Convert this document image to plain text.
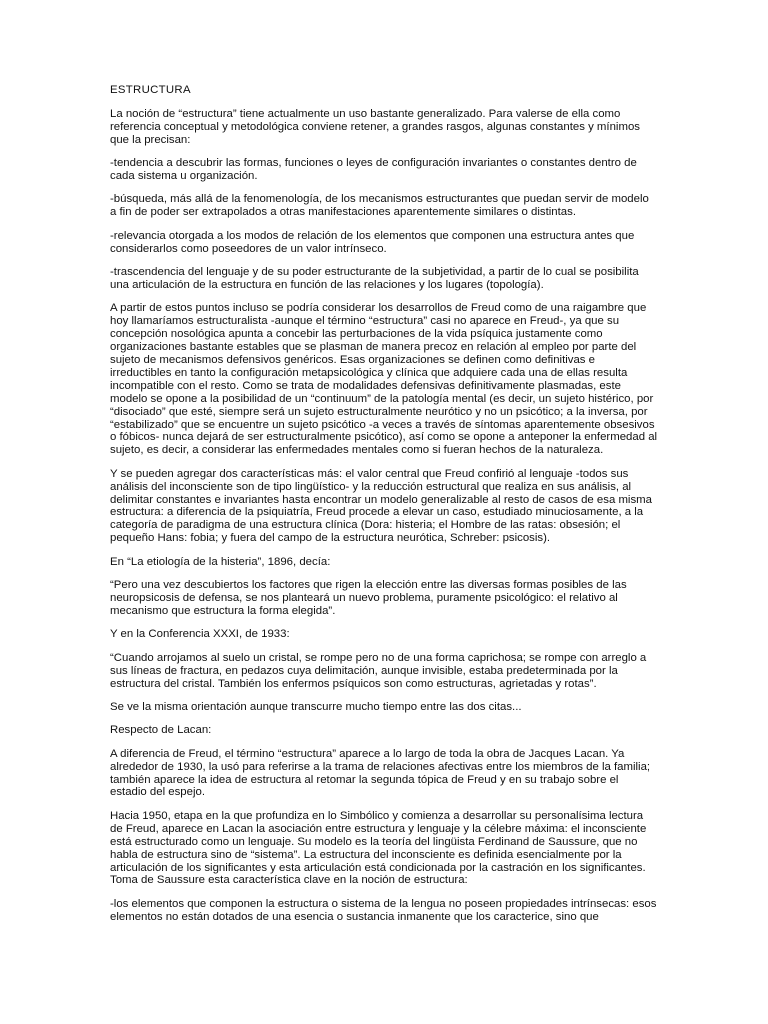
ESTRUCTURA

La noción de “estructura” tiene actualmente un uso bastante generalizado. Para valerse de ella como referencia conceptual y metodológica conviene retener, a grandes rasgos, algunas constantes y mínimos que la precisan:

-tendencia a descubrir las formas, funciones o leyes de configuración invariantes o constantes dentro de cada sistema u organización.

-búsqueda, más allá de la fenomenología, de los mecanismos estructurantes que puedan servir de modelo a fin de poder ser extrapolados a otras manifestaciones aparentemente similares o distintas.

-relevancia otorgada a los modos de relación de los elementos que componen una estructura antes que considerarlos como poseedores de un valor intrínseco.

-trascendencia del lenguaje y de su poder estructurante de la subjetividad, a partir de lo cual se posibilita una articulación de la estructura en función de las relaciones y los lugares (topología).

A partir de estos puntos incluso se podría considerar los desarrollos de Freud como de una raigambre que hoy llamaríamos estructuralista -aunque el término “estructura” casi no aparece en Freud-, ya que su concepción nosológica apunta a concebir las perturbaciones de la vida psíquica justamente como organizaciones bastante estables que se plasman de manera precoz en relación al empleo por parte del sujeto de mecanismos defensivos genéricos. Esas organizaciones se definen como definitivas e irreductibles en tanto la configuración metapsicológica y clínica que adquiere cada una de ellas resulta incompatible con el resto. Como se trata de modalidades defensivas definitivamente plasmadas, este modelo se opone a la posibilidad de un “continuum” de la patología mental (es decir, un sujeto histérico, por “disociado” que esté, siempre será un sujeto estructuralmente neurótico y no un psicótico; a la inversa, por “estabilizado” que se encuentre un sujeto psicótico -a veces a través de síntomas aparentemente obsesivos o fóbicos- nunca dejará de ser estructuralmente psicótico), así como se opone a anteponer la enfermedad al sujeto, es decir, a considerar las enfermedades mentales como si fueran hechos de la naturaleza.

Y se pueden agregar dos características más: el valor central que Freud confirió al lenguaje -todos sus análisis del inconsciente son de tipo lingüístico- y la reducción estructural que realiza en sus análisis, al delimitar constantes e invariantes hasta encontrar un modelo generalizable al resto de casos de esa misma estructura: a diferencia de la psiquiatría, Freud procede a elevar un caso, estudiado minuciosamente, a la categoría de paradigma de una estructura clínica (Dora: histeria; el Hombre de las ratas: obsesión; el pequeño Hans: fobia; y fuera del campo de la estructura neurótica, Schreber: psicosis).

En “La etiología de la histeria”, 1896, decía:

“Pero una vez descubiertos los factores que rigen la elección entre las diversas formas posibles de las neuropsicosis de defensa, se nos planteará un nuevo problema, puramente psicológico: el relativo al mecanismo que estructura la forma elegida”.

Y en la Conferencia XXXI, de 1933:

“Cuando arrojamos al suelo un cristal, se rompe pero no de una forma caprichosa; se rompe con arreglo a sus líneas de fractura, en pedazos cuya delimitación, aunque invisible, estaba predeterminada por la estructura del cristal. También los enfermos psíquicos son como estructuras, agrietadas y rotas”.

Se ve la misma orientación aunque transcurre mucho tiempo entre las dos citas...

Respecto de Lacan:

A diferencia de Freud, el término “estructura” aparece a lo largo de toda la obra de Jacques Lacan. Ya alrededor de 1930, la usó para referirse a la trama de relaciones afectivas entre los miembros de la familia; también aparece la idea de estructura al retomar la segunda tópica de Freud y en su trabajo sobre el estadio del espejo.

Hacia 1950, etapa en la que profundiza en lo Simbólico y comienza a desarrollar su personalísima lectura de Freud, aparece en Lacan la asociación entre estructura y lenguaje y la célebre máxima: el inconsciente está estructurado como un lenguaje. Su modelo es la teoría del lingüista Ferdinand de Saussure, que no habla de estructura sino de “sistema”. La estructura del inconsciente es definida esencialmente por la articulación de los significantes y esta articulación está condicionada por la castración en los significantes. Toma de Saussure esta característica clave en la noción de estructura:

-los elementos que componen la estructura o sistema de la lengua no poseen propiedades intrínsecas: esos elementos no están dotados de una esencia o sustancia inmanente que los caracterice, sino que
